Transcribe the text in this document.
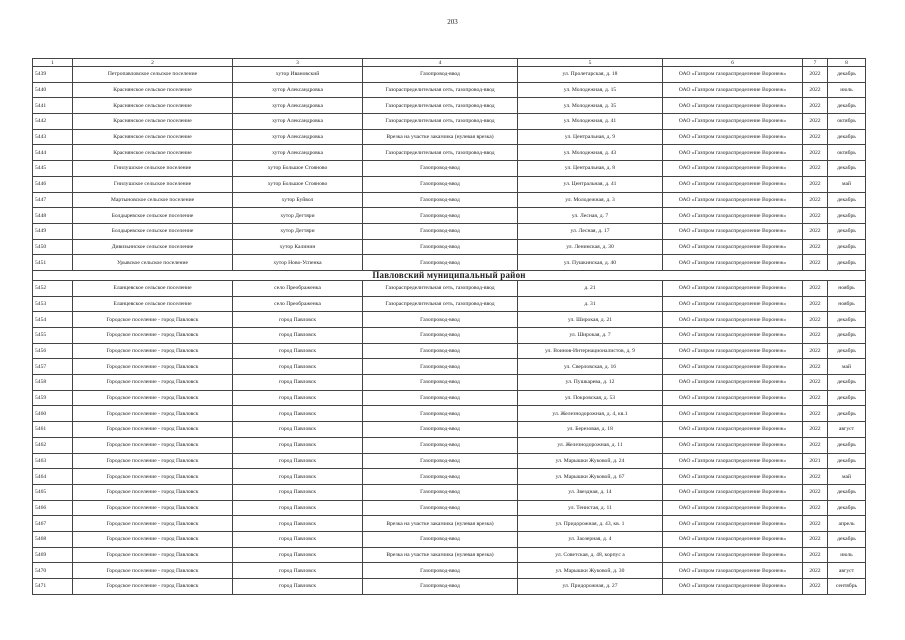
203
1	2	3	4	5	6	7	8
5439	Петропавловское сельское поселение	хутор Ивановский	Газопровод-ввод	ул. Пролетарская, д. 18	ОАО «Газпром газораспределение Воронеж»	2022	декабрь
5440	Краснянское сельское поселение	хутор Александровка	Газораспределительная сеть, газопровод-ввод	ул. Молодежная, д. 15	ОАО «Газпром газораспределение Воронеж»	2022	июль
5441	Краснянское сельское поселение	хутор Александровка	Газораспределительная сеть, газопровод-ввод	ул. Молодежная, д. 35	ОАО «Газпром газораспределение Воронеж»	2022	декабрь
5442	Краснянское сельское поселение	хутор Александровка	Газораспределительная сеть, газопровод-ввод	ул. Молодежная, д. 41	ОАО «Газпром газораспределение Воронеж»	2022	октябрь
5443	Краснянское сельское поселение	хутор Александровка	Врезка на участке заказчика (нулевая врезка)	ул. Центральная, д. 9	ОАО «Газпром газораспределение Воронеж»	2022	декабрь
5444	Краснянское сельское поселение	хутор Александровка	Газораспределительная сеть, газопровод-ввод	ул. Молодежная, д. 43	ОАО «Газпром газораспределение Воронеж»	2022	октябрь
5445	Гнилушское сельское поселение	хутор Большое Стояново	Газопровод-ввод	ул. Центральная, д. 8	ОАО «Газпром газораспределение Воронеж»	2022	декабрь
5446	Гнилушское сельское поселение	хутор Большое Стояново	Газопровод-ввод	ул. Центральная, д. 41	ОАО «Газпром газораспределение Воронеж»	2022	май
5447	Мартыновское сельское поселение	хутор Буйвол	Газопровод-ввод	ул. Молодежная, д. 3	ОАО «Газпром газораспределение Воронеж»	2022	декабрь
5448	Болдыревское сельское поселение	хутор Дегтяри	Газопровод-ввод	ул. Лесная, д. 7	ОАО «Газпром газораспределение Воронеж»	2022	декабрь
5449	Болдыревское сельское поселение	хутор Дегтяри	Газопровод-ввод	ул. Лесная, д. 17	ОАО «Газпром газораспределение Воронеж»	2022	декабрь
5450	Дивизьинское сельское поселение	хутор Калинин	Газопровод-ввод	ул. Ленинская, д. 30	ОАО «Газпром газораспределение Воронеж»	2022	декабрь
5451	Урывское сельское поселение	хутор Ново-Успенка	Газопровод-ввод	ул. Пушкинская, д. 40	ОАО «Газпром газораспределение Воронеж»	2022	декабрь
Павловский муниципальный район							
5452	Еланцевское сельское поселение	село Преображенка	Газораспределительная сеть, газопровод-ввод	д. 21	ОАО «Газпром газораспределение Воронеж»	2022	ноябрь
5453	Еланцевское сельское поселение	село Преображенка	Газораспределительная сеть, газопровод-ввод	д. 31	ОАО «Газпром газораспределение Воронеж»	2022	ноябрь
5454	Городское поселение - город Павловск	город Павловск	Газопровод-ввод	ул. Широкая, д. 21	ОАО «Газпром газораспределение Воронеж»	2022	декабрь
5455	Городское поселение - город Павловск	город Павловск	Газопровод-ввод	ул. Широкая, д. 7	ОАО «Газпром газораспределение Воронеж»	2022	декабрь
5456	Городское поселение - город Павловск	город Павловск	Газопровод-ввод	ул. Воинов-Интернационалистов, д. 9	ОАО «Газпром газораспределение Воронеж»	2022	декабрь
5457	Городское поселение - город Павловск	город Павловск	Газопровод-ввод	ул. Сверловская, д. 16	ОАО «Газпром газораспределение Воронеж»	2022	май
5458	Городское поселение - город Павловск	город Павловск	Газопровод-ввод	ул. Пушкарева, д. 12	ОАО «Газпром газораспределение Воронеж»	2022	декабрь
5459	Городское поселение - город Павловск	город Павловск	Газопровод-ввод	ул. Покровская, д. 53	ОАО «Газпром газораспределение Воронеж»	2022	декабрь
5460	Городское поселение - город Павловск	город Павловск	Газопровод-ввод	ул. Железнодорожная, д. 4, кв.1	ОАО «Газпром газораспределение Воронеж»	2022	декабрь
5461	Городское поселение - город Павловск	город Павловск	Газопровод-ввод	ул. Березовая, д. 18	ОАО «Газпром газораспределение Воронеж»	2022	август
5462	Городское поселение - город Павловск	город Павловск	Газопровод-ввод	ул. Железнодорожная, д. 11	ОАО «Газпром газораспределение Воронеж»	2022	декабрь
5463	Городское поселение - город Павловск	город Павловск	Газопровод-ввод	ул. Марышки Жуковой, д. 24	ОАО «Газпром газораспределение Воронеж»	2021	декабрь
5464	Городское поселение - город Павловск	город Павловск	Газопровод-ввод	ул. Марышки Жуковой, д. 67	ОАО «Газпром газораспределение Воронеж»	2022	май
5465	Городское поселение - город Павловск	город Павловск	Газопровод-ввод	ул. Звездная, д. 14	ОАО «Газпром газораспределение Воронеж»	2022	декабрь
5466	Городское поселение - город Павловск	город Павловск	Газопровод-ввод	ул. Тенистая, д. 11	ОАО «Газпром газораспределение Воронеж»	2022	декабрь
5467	Городское поселение - город Павловск	город Павловск	Врезка на участке заказчика (нулевая врезка)	ул. Придорожная, д. 43, кв. 1	ОАО «Газпром газораспределение Воронеж»	2022	апрель
5468	Городское поселение - город Павловск	город Павловск	Газопровод-ввод	ул. Заозерная, д. 4	ОАО «Газпром газораспределение Воронеж»	2022	декабрь
5469	Городское поселение - город Павловск	город Павловск	Врезка на участке заказчика (нулевая врезка)	ул. Советская, д. 48, корпус а	ОАО «Газпром газораспределение Воронеж»	2022	июль
5470	Городское поселение - город Павловск	город Павловск	Газопровод-ввод	ул. Марышки Жуковой, д. 30	ОАО «Газпром газораспределение Воронеж»	2022	август
5471	Городское поселение - город Павловск	город Павловск	Газопровод-ввод	ул. Придорожная, д. 27	ОАО «Газпром газораспределение Воронеж»	2022	сентябрь
